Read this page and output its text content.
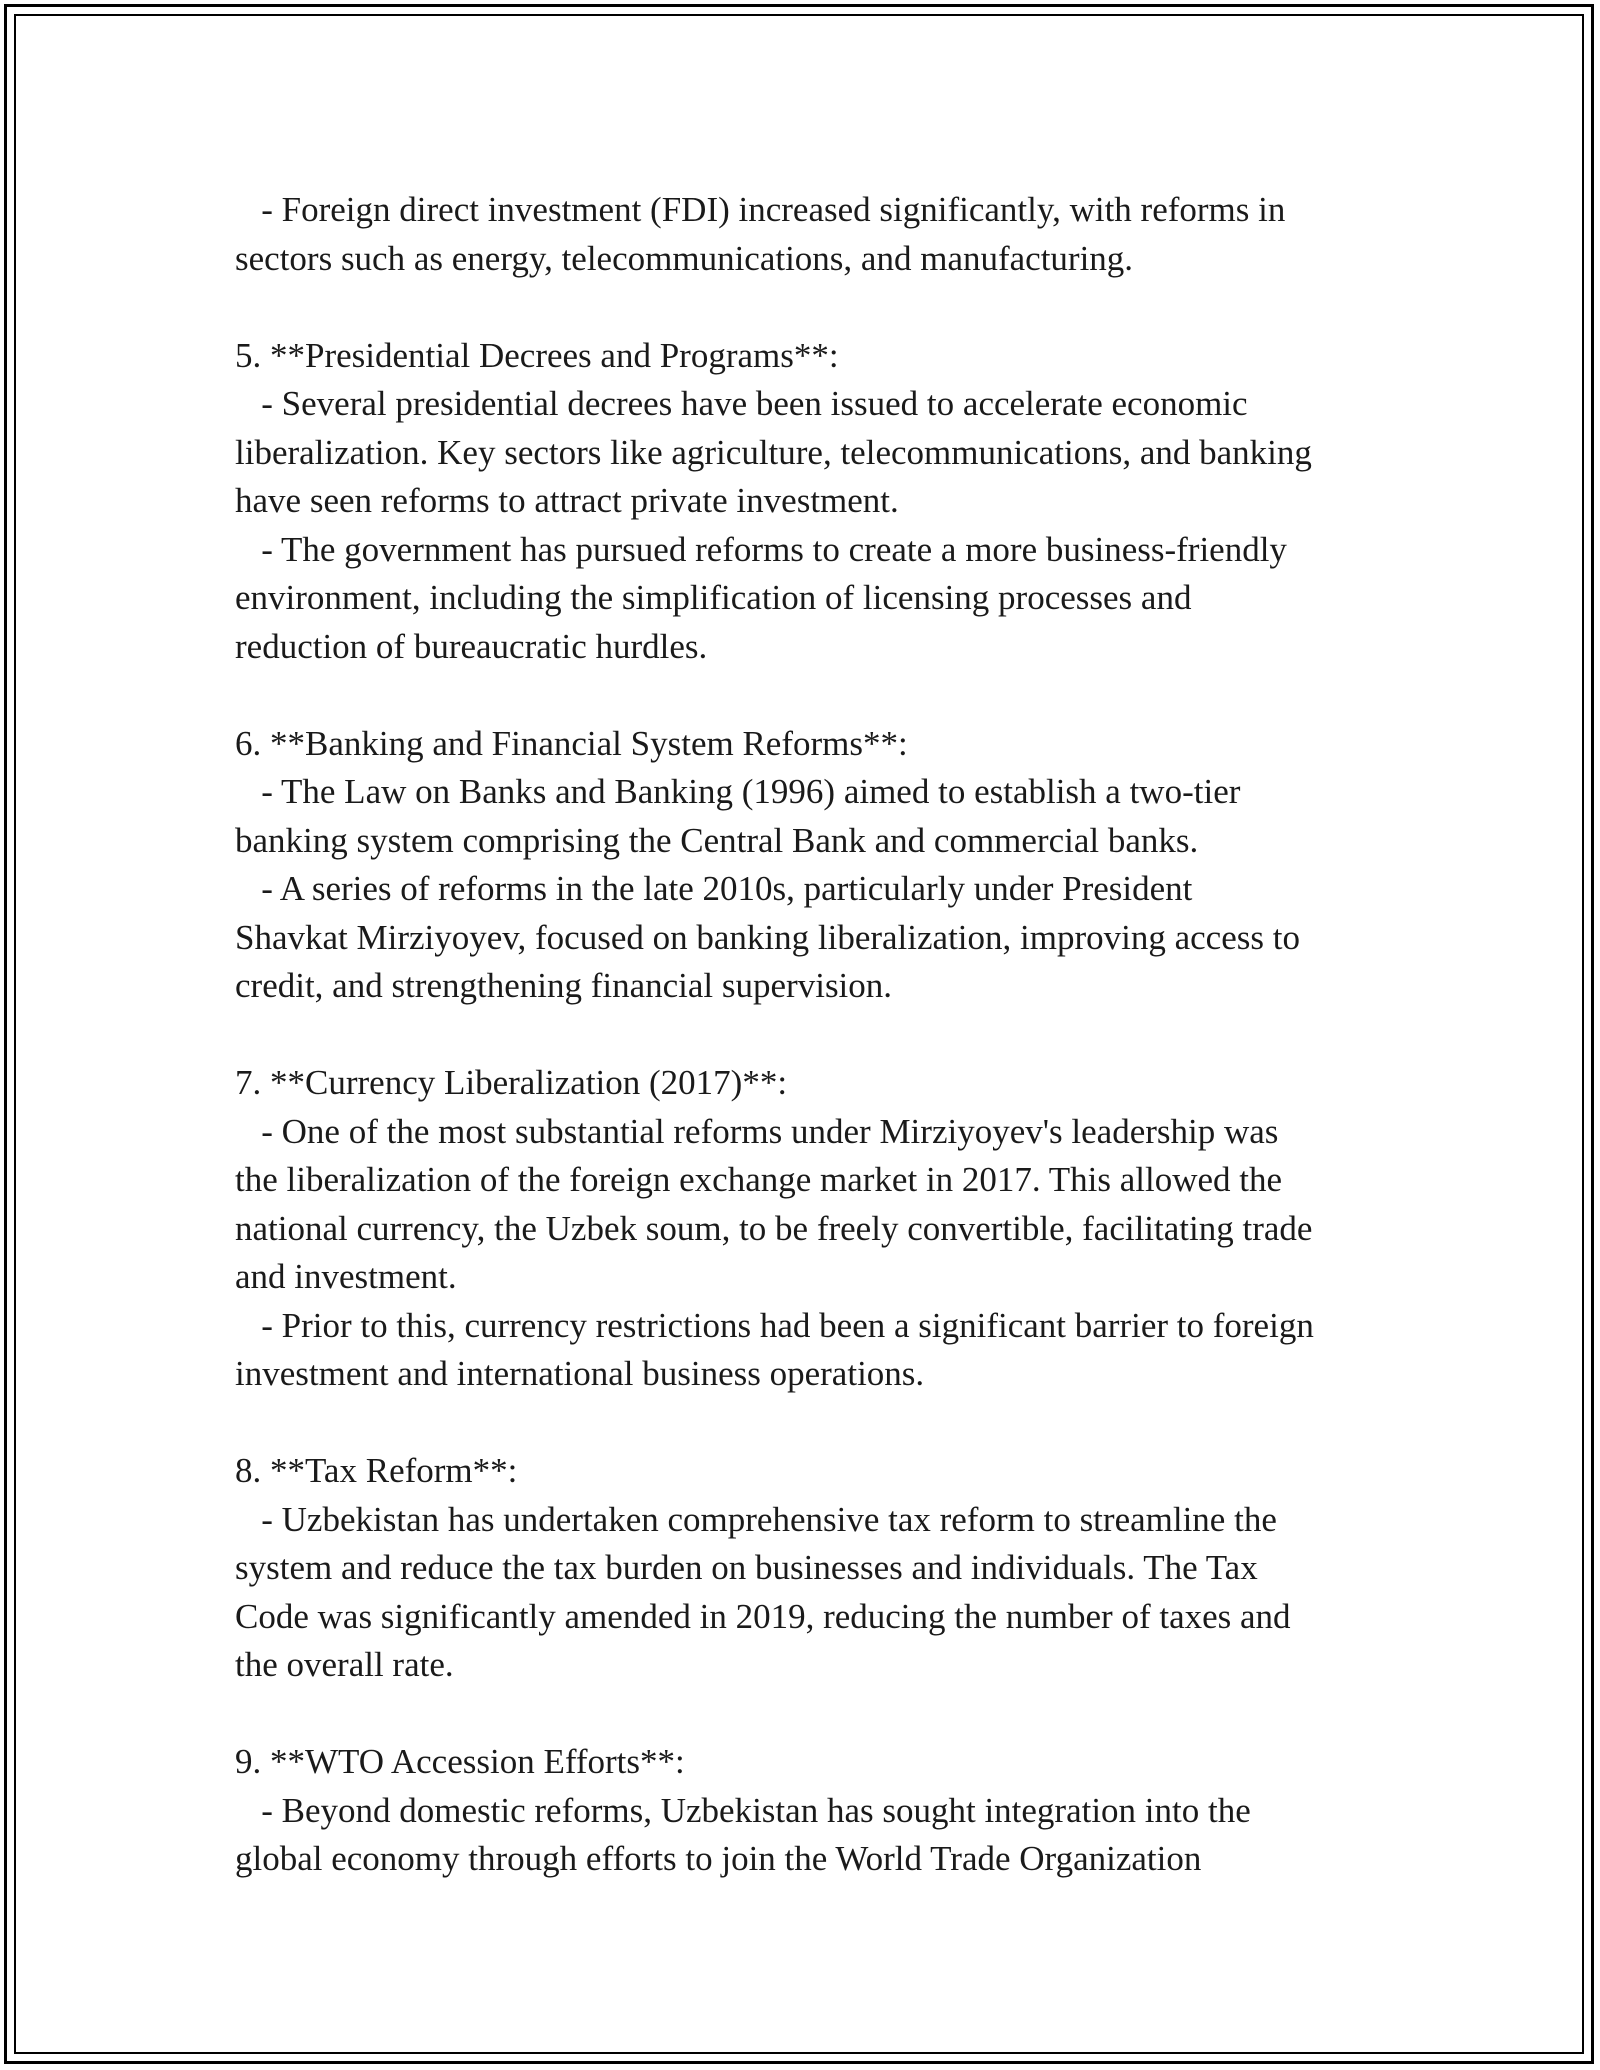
- Foreign direct investment (FDI) increased significantly, with reforms in

sectors such as energy, telecommunications, and manufacturing.

5. **Presidential Decrees and Programs**:

- Several presidential decrees have been issued to accelerate economic

liberalization. Key sectors like agriculture, telecommunications, and banking

have seen reforms to attract private investment.

- The government has pursued reforms to create a more business-friendly

environment, including the simplification of licensing processes and

reduction of bureaucratic hurdles.

6. **Banking and Financial System Reforms**:

- The Law on Banks and Banking (1996) aimed to establish a two-tier

banking system comprising the Central Bank and commercial banks.

- A series of reforms in the late 2010s, particularly under President

Shavkat Mirziyoyev, focused on banking liberalization, improving access to

credit, and strengthening financial supervision.

7. **Currency Liberalization (2017)**:

- One of the most substantial reforms under Mirziyoyev's leadership was

the liberalization of the foreign exchange market in 2017. This allowed the

national currency, the Uzbek soum, to be freely convertible, facilitating trade

and investment.

- Prior to this, currency restrictions had been a significant barrier to foreign

investment and international business operations.

8. **Tax Reform**:

- Uzbekistan has undertaken comprehensive tax reform to streamline the

system and reduce the tax burden on businesses and individuals. The Tax

Code was significantly amended in 2019, reducing the number of taxes and

the overall rate.

9. **WTO Accession Efforts**:

- Beyond domestic reforms, Uzbekistan has sought integration into the

global economy through efforts to join the World Trade Organization
